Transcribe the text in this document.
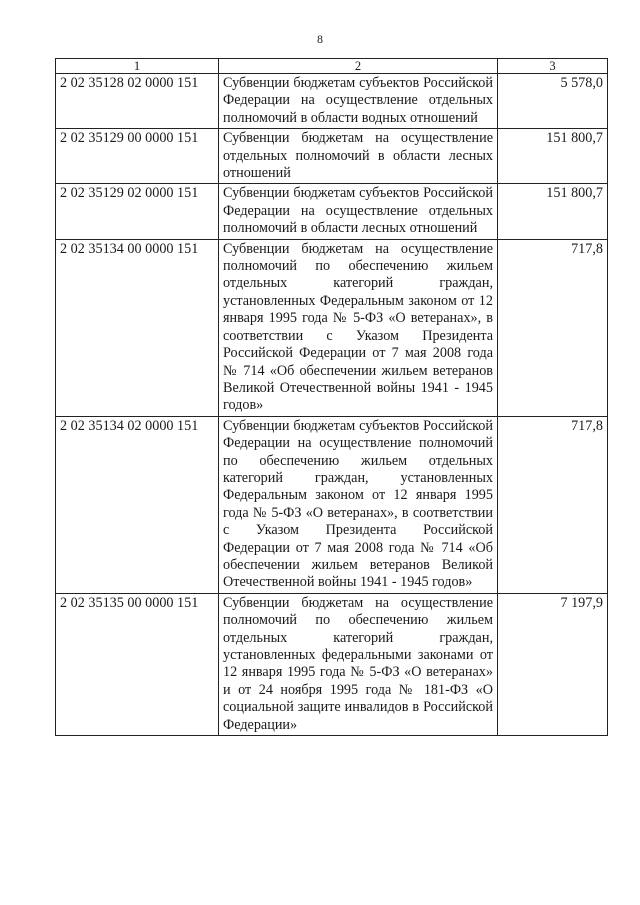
8
1	2	3
2 02 35128 02 0000 151	Субвенции бюджетам субъектов Российской Федерации на осуществление отдельных полномочий в области водных отношений	5 578,0
2 02 35129 00 0000 151	Субвенции бюджетам на осуществление отдельных полномочий в области лесных отношений	151 800,7
2 02 35129 02 0000 151	Субвенции бюджетам субъектов Российской Федерации на осуществление отдельных полномочий в области лесных отношений	151 800,7
2 02 35134 00 0000 151	Субвенции бюджетам на осуществление полномочий по обеспечению жильем отдельных категорий граждан, установленных Федеральным законом от 12 января 1995 года № 5-ФЗ «О ветеранах», в соответствии с Указом Президента Российской Федерации от 7 мая 2008 года № 714 «Об обеспечении жильем ветеранов Великой Отечественной войны 1941 - 1945 годов»	717,8
2 02 35134 02 0000 151	Субвенции бюджетам субъектов Российской Федерации на осуществление полномочий по обеспечению жильем отдельных категорий граждан, установленных Федеральным законом от 12 января 1995 года № 5-ФЗ «О ветеранах», в соответствии с Указом Президента Российской Федерации от 7 мая 2008 года № 714 «Об обеспечении жильем ветеранов Великой Отечественной войны 1941 - 1945 годов»	717,8
2 02 35135 00 0000 151	Субвенции бюджетам на осуществление полномочий по обеспечению жильем отдельных категорий граждан, установленных федеральными законами от 12 января 1995 года № 5-ФЗ «О ветеранах» и от 24 ноября 1995 года № 181-ФЗ «О социальной защите инвалидов в Российской Федерации»	7 197,9
